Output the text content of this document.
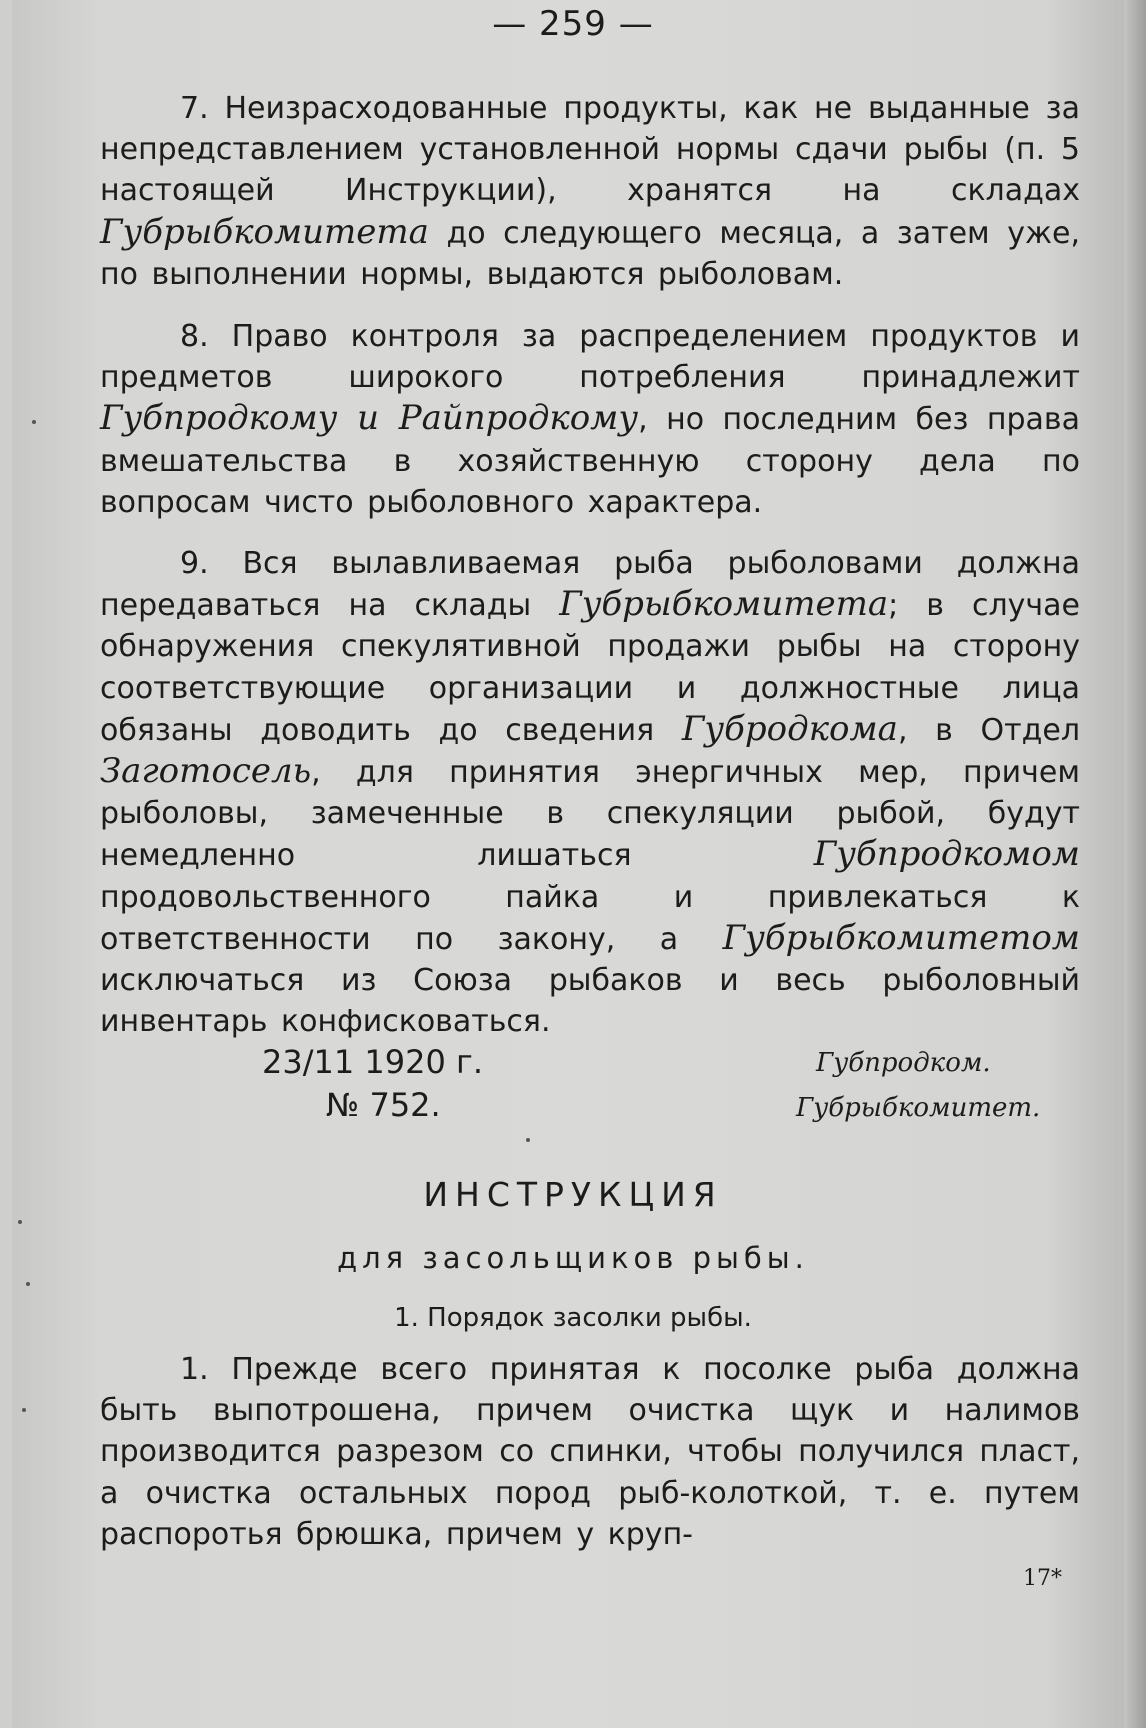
— 259 —

7. Неизрасходованные продукты, как не выданные за непредставлением установленной нормы сдачи рыбы (п. 5 настоящей Инструкции), хранятся на складах Губрыбкомитета до следующего месяца, а затем уже, по выполнении нормы, выдаются рыболовам.

8. Право контроля за распределением продуктов и предметов широкого потребления принадлежит Губпродкому и Райпродкому, но последним без права вмешательства в хозяйственную сторону дела по вопросам чисто рыболовного характера.

9. Вся вылавливаемая рыба рыболовами должна передаваться на склады Губрыбкомитета; в случае обнаружения спекулятивной продажи рыбы на сторону соответствующие организации и должностные лица обязаны доводить до сведения Губродкома, в Отдел Заготосель, для принятия энергичных мер, причем рыболовы, замеченные в спекуляции рыбой, будут немедленно лишаться Губпродкомом продовольственного пайка и привлекаться к ответственности по закону, а Губрыбкомитетом исключаться из Союза рыбаков и весь рыболовный инвентарь конфисковаться.

23/11 1920 г.
№ 752.
Губпродком.
Губрыбкомитет.
ИНСТРУКЦИЯ
для засольщиков рыбы.
1. Порядок засолки рыбы.

1. Прежде всего принятая к посолке рыба должна быть выпотрошена, причем очистка щук и налимов производится разрезом со спинки, чтобы получился пласт, а очистка остальных пород рыб-колоткой, т. е. путем распоротья брюшка, причем у круп-

17*
